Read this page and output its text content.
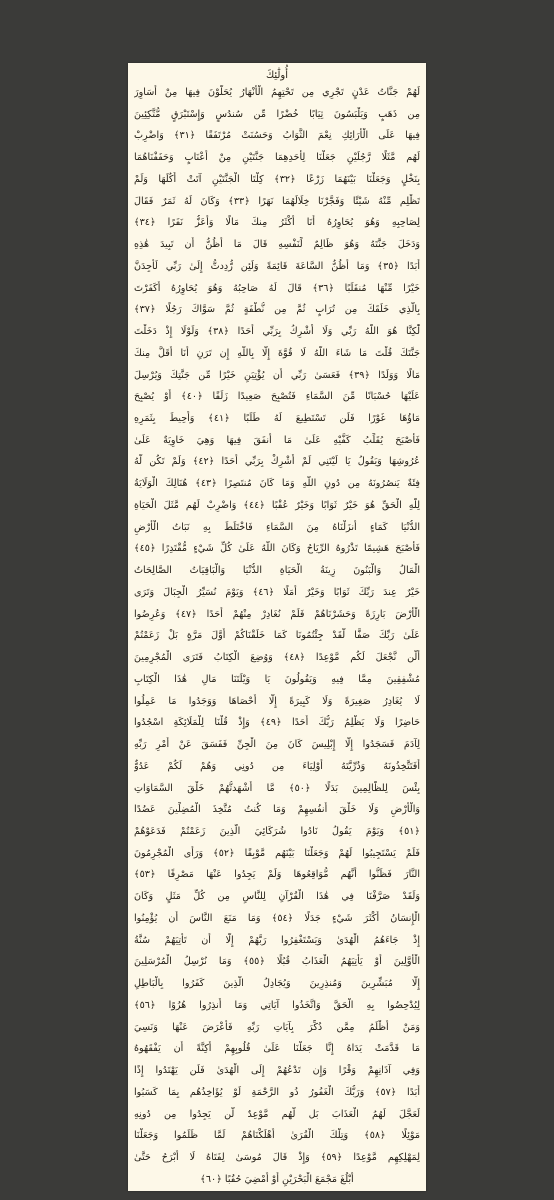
أُولَٰئِكَ
لَهُمْ جَنَّاتُ عَدْنٍ تَجْرِي مِن تَحْتِهِمُ الْأَنْهَارُ يُحَلَّوْنَ فِيهَا مِنْ أَسَاوِرَ
مِن ذَهَبٍ وَيَلْبَسُونَ ثِيَابًا خُضْرًا مِّن سُندُسٍ وَإِسْتَبْرَقٍ مُّتَّكِئِينَ
فِيهَا عَلَى الْأَرَائِكِ نِعْمَ الثَّوَابُ وَحَسُنَتْ مُرْتَفَقًا ﴿٣١﴾ وَاضْرِبْ
لَهُم مَّثَلًا رَّجُلَيْنِ جَعَلْنَا لِأَحَدِهِمَا جَنَّتَيْنِ مِنْ أَعْنَابٍ وَحَفَفْنَاهُمَا
بِنَخْلٍ وَجَعَلْنَا بَيْنَهُمَا زَرْعًا ﴿٣٢﴾ كِلْتَا الْجَنَّتَيْنِ آتَتْ أُكُلَهَا وَلَمْ
تَظْلِم مِّنْهُ شَيْئًا وَفَجَّرْنَا خِلَالَهُمَا نَهَرًا ﴿٣٣﴾ وَكَانَ لَهُ ثَمَرٌ فَقَالَ
لِصَاحِبِهِ وَهُوَ يُحَاوِرُهُ أَنَا أَكْثَرُ مِنكَ مَالًا وَأَعَزُّ نَفَرًا ﴿٣٤﴾
وَدَخَلَ جَنَّتَهُ وَهُوَ ظَالِمٌ لِّنَفْسِهِ قَالَ مَا أَظُنُّ أَن تَبِيدَ هَٰذِهِ
أَبَدًا ﴿٣٥﴾ وَمَا أَظُنُّ السَّاعَةَ قَائِمَةً وَلَئِن رُّدِدتُّ إِلَىٰ رَبِّي لَأَجِدَنَّ
خَيْرًا مِّنْهَا مُنقَلَبًا ﴿٣٦﴾ قَالَ لَهُ صَاحِبُهُ وَهُوَ يُحَاوِرُهُ أَكَفَرْتَ
بِالَّذِي خَلَقَكَ مِن تُرَابٍ ثُمَّ مِن نُّطْفَةٍ ثُمَّ سَوَّاكَ رَجُلًا ﴿٣٧﴾
لَّٰكِنَّا هُوَ اللَّهُ رَبِّي وَلَا أُشْرِكُ بِرَبِّي أَحَدًا ﴿٣٨﴾ وَلَوْلَا إِذْ دَخَلْتَ
جَنَّتَكَ قُلْتَ مَا شَاءَ اللَّهُ لَا قُوَّةَ إِلَّا بِاللَّهِ إِن تَرَنِ أَنَا أَقَلَّ مِنكَ
مَالًا وَوَلَدًا ﴿٣٩﴾ فَعَسَىٰ رَبِّي أَن يُؤْتِيَنِ خَيْرًا مِّن جَنَّتِكَ وَيُرْسِلَ
عَلَيْهَا حُسْبَانًا مِّنَ السَّمَاءِ فَتُصْبِحَ صَعِيدًا زَلَقًا ﴿٤٠﴾ أَوْ يُصْبِحَ
مَاؤُهَا غَوْرًا فَلَن تَسْتَطِيعَ لَهُ طَلَبًا ﴿٤١﴾ وَأُحِيطَ بِثَمَرِهِ
فَأَصْبَحَ يُقَلِّبُ كَفَّيْهِ عَلَىٰ مَا أَنفَقَ فِيهَا وَهِيَ خَاوِيَةٌ عَلَىٰ
عُرُوشِهَا وَيَقُولُ يَا لَيْتَنِي لَمْ أُشْرِكْ بِرَبِّي أَحَدًا ﴿٤٢﴾ وَلَمْ تَكُن لَّهُ
فِئَةٌ يَنصُرُونَهُ مِن دُونِ اللَّهِ وَمَا كَانَ مُنتَصِرًا ﴿٤٣﴾ هُنَالِكَ الْوَلَايَةُ
لِلَّهِ الْحَقِّ هُوَ خَيْرٌ ثَوَابًا وَخَيْرٌ عُقْبًا ﴿٤٤﴾ وَاضْرِبْ لَهُم مَّثَلَ الْحَيَاةِ
الدُّنْيَا كَمَاءٍ أَنزَلْنَاهُ مِنَ السَّمَاءِ فَاخْتَلَطَ بِهِ نَبَاتُ الْأَرْضِ
فَأَصْبَحَ هَشِيمًا تَذْرُوهُ الرِّيَاحُ وَكَانَ اللَّهُ عَلَىٰ كُلِّ شَيْءٍ مُّقْتَدِرًا ﴿٤٥﴾
الْمَالُ وَالْبَنُونَ زِينَةُ الْحَيَاةِ الدُّنْيَا وَالْبَاقِيَاتُ الصَّالِحَاتُ
خَيْرٌ عِندَ رَبِّكَ ثَوَابًا وَخَيْرٌ أَمَلًا ﴿٤٦﴾ وَيَوْمَ نُسَيِّرُ الْجِبَالَ وَتَرَى
الْأَرْضَ بَارِزَةً وَحَشَرْنَاهُمْ فَلَمْ نُغَادِرْ مِنْهُمْ أَحَدًا ﴿٤٧﴾ وَعُرِضُوا
عَلَىٰ رَبِّكَ صَفًّا لَّقَدْ جِئْتُمُونَا كَمَا خَلَقْنَاكُمْ أَوَّلَ مَرَّةٍ بَلْ زَعَمْتُمْ
أَلَّن نَّجْعَلَ لَكُم مَّوْعِدًا ﴿٤٨﴾ وَوُضِعَ الْكِتَابُ فَتَرَى الْمُجْرِمِينَ
مُشْفِقِينَ مِمَّا فِيهِ وَيَقُولُونَ يَا وَيْلَتَنَا مَالِ هَٰذَا الْكِتَابِ
لَا يُغَادِرُ صَغِيرَةً وَلَا كَبِيرَةً إِلَّا أَحْصَاهَا وَوَجَدُوا مَا عَمِلُوا
حَاضِرًا وَلَا يَظْلِمُ رَبُّكَ أَحَدًا ﴿٤٩﴾ وَإِذْ قُلْنَا لِلْمَلَائِكَةِ اسْجُدُوا
لِآدَمَ فَسَجَدُوا إِلَّا إِبْلِيسَ كَانَ مِنَ الْجِنِّ فَفَسَقَ عَنْ أَمْرِ رَبِّهِ
أَفَتَتَّخِذُونَهُ وَذُرِّيَّتَهُ أَوْلِيَاءَ مِن دُونِي وَهُمْ لَكُمْ عَدُوٌّ
بِئْسَ لِلظَّالِمِينَ بَدَلًا ﴿٥٠﴾ مَّا أَشْهَدتُّهُمْ خَلْقَ السَّمَاوَاتِ
وَالْأَرْضِ وَلَا خَلْقَ أَنفُسِهِمْ وَمَا كُنتُ مُتَّخِذَ الْمُضِلِّينَ عَضُدًا
﴿٥١﴾ وَيَوْمَ يَقُولُ نَادُوا شُرَكَائِيَ الَّذِينَ زَعَمْتُمْ فَدَعَوْهُمْ
فَلَمْ يَسْتَجِيبُوا لَهُمْ وَجَعَلْنَا بَيْنَهُم مَّوْبِقًا ﴿٥٢﴾ وَرَأَى الْمُجْرِمُونَ
النَّارَ فَظَنُّوا أَنَّهُم مُّوَاقِعُوهَا وَلَمْ يَجِدُوا عَنْهَا مَصْرِفًا ﴿٥٣﴾
وَلَقَدْ صَرَّفْنَا فِي هَٰذَا الْقُرْآنِ لِلنَّاسِ مِن كُلِّ مَثَلٍ وَكَانَ
الْإِنسَانُ أَكْثَرَ شَيْءٍ جَدَلًا ﴿٥٤﴾ وَمَا مَنَعَ النَّاسَ أَن يُؤْمِنُوا
إِذْ جَاءَهُمُ الْهُدَىٰ وَيَسْتَغْفِرُوا رَبَّهُمْ إِلَّا أَن تَأْتِيَهُمْ سُنَّةُ
الْأَوَّلِينَ أَوْ يَأْتِيَهُمُ الْعَذَابُ قُبُلًا ﴿٥٥﴾ وَمَا نُرْسِلُ الْمُرْسَلِينَ
إِلَّا مُبَشِّرِينَ وَمُنذِرِينَ وَيُجَادِلُ الَّذِينَ كَفَرُوا بِالْبَاطِلِ
لِيُدْحِضُوا بِهِ الْحَقَّ وَاتَّخَذُوا آيَاتِي وَمَا أُنذِرُوا هُزُوًا ﴿٥٦﴾
وَمَنْ أَظْلَمُ مِمَّن ذُكِّرَ بِآيَاتِ رَبِّهِ فَأَعْرَضَ عَنْهَا وَنَسِيَ
مَا قَدَّمَتْ يَدَاهُ إِنَّا جَعَلْنَا عَلَىٰ قُلُوبِهِمْ أَكِنَّةً أَن يَفْقَهُوهُ
وَفِي آذَانِهِمْ وَقْرًا وَإِن تَدْعُهُمْ إِلَى الْهُدَىٰ فَلَن يَهْتَدُوا إِذًا
أَبَدًا ﴿٥٧﴾ وَرَبُّكَ الْغَفُورُ ذُو الرَّحْمَةِ لَوْ يُؤَاخِذُهُم بِمَا كَسَبُوا
لَعَجَّلَ لَهُمُ الْعَذَابَ بَل لَّهُم مَّوْعِدٌ لَّن يَجِدُوا مِن دُونِهِ
مَوْئِلًا ﴿٥٨﴾ وَتِلْكَ الْقُرَىٰ أَهْلَكْنَاهُمْ لَمَّا ظَلَمُوا وَجَعَلْنَا
لِمَهْلِكِهِم مَّوْعِدًا ﴿٥٩﴾ وَإِذْ قَالَ مُوسَىٰ لِفَتَاهُ لَا أَبْرَحُ حَتَّىٰ
أَبْلُغَ مَجْمَعَ الْبَحْرَيْنِ أَوْ أَمْضِيَ حُقُبًا ﴿٦٠﴾
